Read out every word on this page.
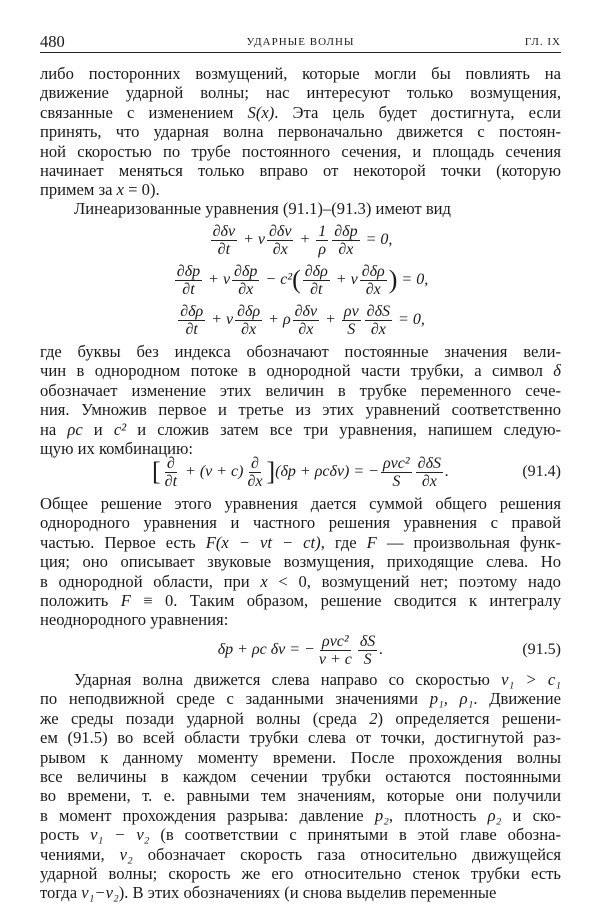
480	УДАРНЫЕ ВОЛНЫ	ГЛ. IX
либо посторонних возмущений, которые могли бы повлиять на
движение ударной волны; нас интересуют только возмущения,
связанные с изменением S(x). Эта цель будет достигнута, если
принять, что ударная волна первоначально движется с постоян-
ной скоростью по трубе постоянного сечения, и площадь сечения
начинает меняться только вправо от некоторой точки (которую
примем за x = 0).
Линеаризованные уравнения (91.1)–(91.3) имеют вид
$\frac{\partial\delta v}{\partial t} + v \frac{\partial\delta v}{\partial x} + \frac{1}{\rho} \frac{\partial\delta p}{\partial x} = 0$,
$\frac{\partial\delta p}{\partial t} + v \frac{\partial\delta p}{\partial x} - c^2$ ( $\frac{\partial\delta\rho}{\partial t} + v \frac{\partial\delta\rho}{\partial x}$ ) = 0,
$\frac{\partial\delta\rho}{\partial t} + v \frac{\partial\delta\rho}{\partial x} + \rho \frac{\partial\delta v}{\partial x} + \frac{\rho v}{S} \frac{\partial\delta S}{\partial x} = 0$,
где буквы без индекса обозначают постоянные значения вели-
чин в однородном потоке в однородной части трубки, а символ δ
обозначает изменение этих величин в трубке переменного сече-
ния. Умножив первое и третье из этих уравнений соответственно
на ρc и c² и сложив затем все три уравнения, напишем следую-
щую их комбинацию:
[ $\frac{\partial}{\partial t} + (v + c) \frac{\partial}{\partial x}$ ] (δp + ρcδv) = − $\frac{\text{ρvc²}}{S} \frac{\partial\delta S}{\partial x}$ .	(91.4)
Общее решение этого уравнения дается суммой общего решения
однородного уравнения и частного решения уравнения с правой
частью. Первое есть F(x − vt − ct), где F — произвольная функ-
ция; оно описывает звуковые возмущения, приходящие слева. Но
в однородной области, при x < 0, возмущений нет; поэтому надо
положить F ≡ 0. Таким образом, решение сводится к интегралу
неоднородного уравнения:
δp + ρc δv = − $\frac{\text{ρvc²}}{v + c} \frac{\delta S}{S}$ .	(91.5)
Ударная волна движется слева направо со скоростью v₁ > c₁
по неподвижной среде с заданными значениями p₁, ρ₁. Движение
же среды позади ударной волны (среда 2) определяется решени-
ем (91.5) во всей области трубки слева от точки, достигнутой раз-
рывом к данному моменту времени. После прохождения волны
все величины в каждом сечении трубки остаются постоянными
во времени, т. е. равными тем значениям, которые они получили
в момент прохождения разрыва: давление p₂, плотность ρ₂ и ско-
рость v₁ − v₂ (в соответствии с принятыми в этой главе обозна-
чениями, v₂ обозначает скорость газа относительно движущейся
ударной волны; скорость же его относительно стенок трубки есть
тогда v₁−v₂). В этих обозначениях (и снова выделив переменные
